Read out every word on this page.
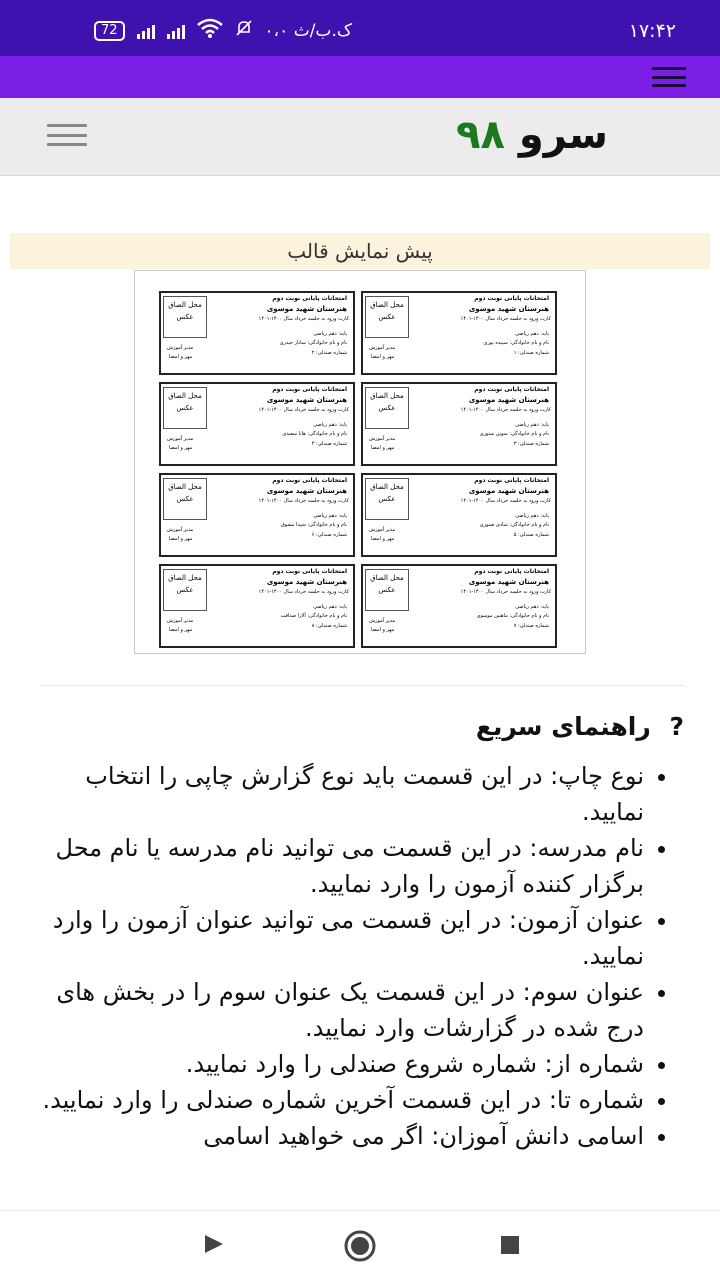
72	۰،۰ ک.ب/ث	۱۷:۴۲
سرو ۹۸
پیش نمایش قالب
محل الصاق عکس
امتحانات پایانی نوبت دوم
هنرستان شهید موسوی
کارت ورود به جلسه خرداد سال ۱۴۰۰-۱۴۰۱
پایه: دهم ریاضی
نام و نام خانوادگی: سپیده نوری
شماره صندلی: ۱
مدیر آموزش
مهر و امضا
محل الصاق عکس
امتحانات پایانی نوبت دوم
هنرستان شهید موسوی
کارت ورود به جلسه خرداد سال ۱۴۰۰-۱۴۰۱
پایه: دهم ریاضی
نام و نام خانوادگی: ساناز حیدری
شماره صندلی: ۲
مدیر آموزش
مهر و امضا
محل الصاق عکس
امتحانات پایانی نوبت دوم
هنرستان شهید موسوی
کارت ورود به جلسه خرداد سال ۱۴۰۰-۱۴۰۱
پایه: دهم ریاضی
نام و نام خانوادگی: سوین ستوری
شماره صندلی: ۳
مدیر آموزش
مهر و امضا
محل الصاق عکس
امتحانات پایانی نوبت دوم
هنرستان شهید موسوی
کارت ورود به جلسه خرداد سال ۱۴۰۰-۱۴۰۱
پایه: دهم ریاضی
نام و نام خانوادگی: هانا سعیدی
شماره صندلی: ۴
مدیر آموزش
مهر و امضا
محل الصاق عکس
امتحانات پایانی نوبت دوم
هنرستان شهید موسوی
کارت ورود به جلسه خرداد سال ۱۴۰۰-۱۴۰۱
پایه: دهم ریاضی
نام و نام خانوادگی: شادی صبوری
شماره صندلی: ۵
مدیر آموزش
مهر و امضا
محل الصاق عکس
امتحانات پایانی نوبت دوم
هنرستان شهید موسوی
کارت ورود به جلسه خرداد سال ۱۴۰۰-۱۴۰۱
پایه: دهم ریاضی
نام و نام خانوادگی: شیدا مشوق
شماره صندلی: ۶
مدیر آموزش
مهر و امضا
محل الصاق عکس
امتحانات پایانی نوبت دوم
هنرستان شهید موسوی
کارت ورود به جلسه خرداد سال ۱۴۰۰-۱۴۰۱
پایه: دهم ریاضی
نام و نام خانوادگی: ماهتین موسوی
شماره صندلی: ۷
مدیر آموزش
مهر و امضا
محل الصاق عکس
امتحانات پایانی نوبت دوم
هنرستان شهید موسوی
کارت ورود به جلسه خرداد سال ۱۴۰۰-۱۴۰۱
پایه: دهم ریاضی
نام و نام خانوادگی: آلارا صداقت
شماره صندلی: ۸
مدیر آموزش
مهر و امضا
? راهنمای سریع
• نوع چاپ: در این قسمت باید نوع گزارش چاپی را انتخاب نمایید.
• نام مدرسه: در این قسمت می توانید نام مدرسه یا نام محل برگزار کننده آزمون را وارد نمایید.
• عنوان آزمون: در این قسمت می توانید عنوان آزمون را وارد نمایید.
• عنوان سوم: در این قسمت یک عنوان سوم را در بخش های درج شده در گزارشات وارد نمایید.
• شماره از: شماره شروع صندلی را وارد نمایید.
• شماره تا: در این قسمت آخرین شماره صندلی را وارد نمایید.
• اسامی دانش آموزان: اگر می خواهید اسامی
